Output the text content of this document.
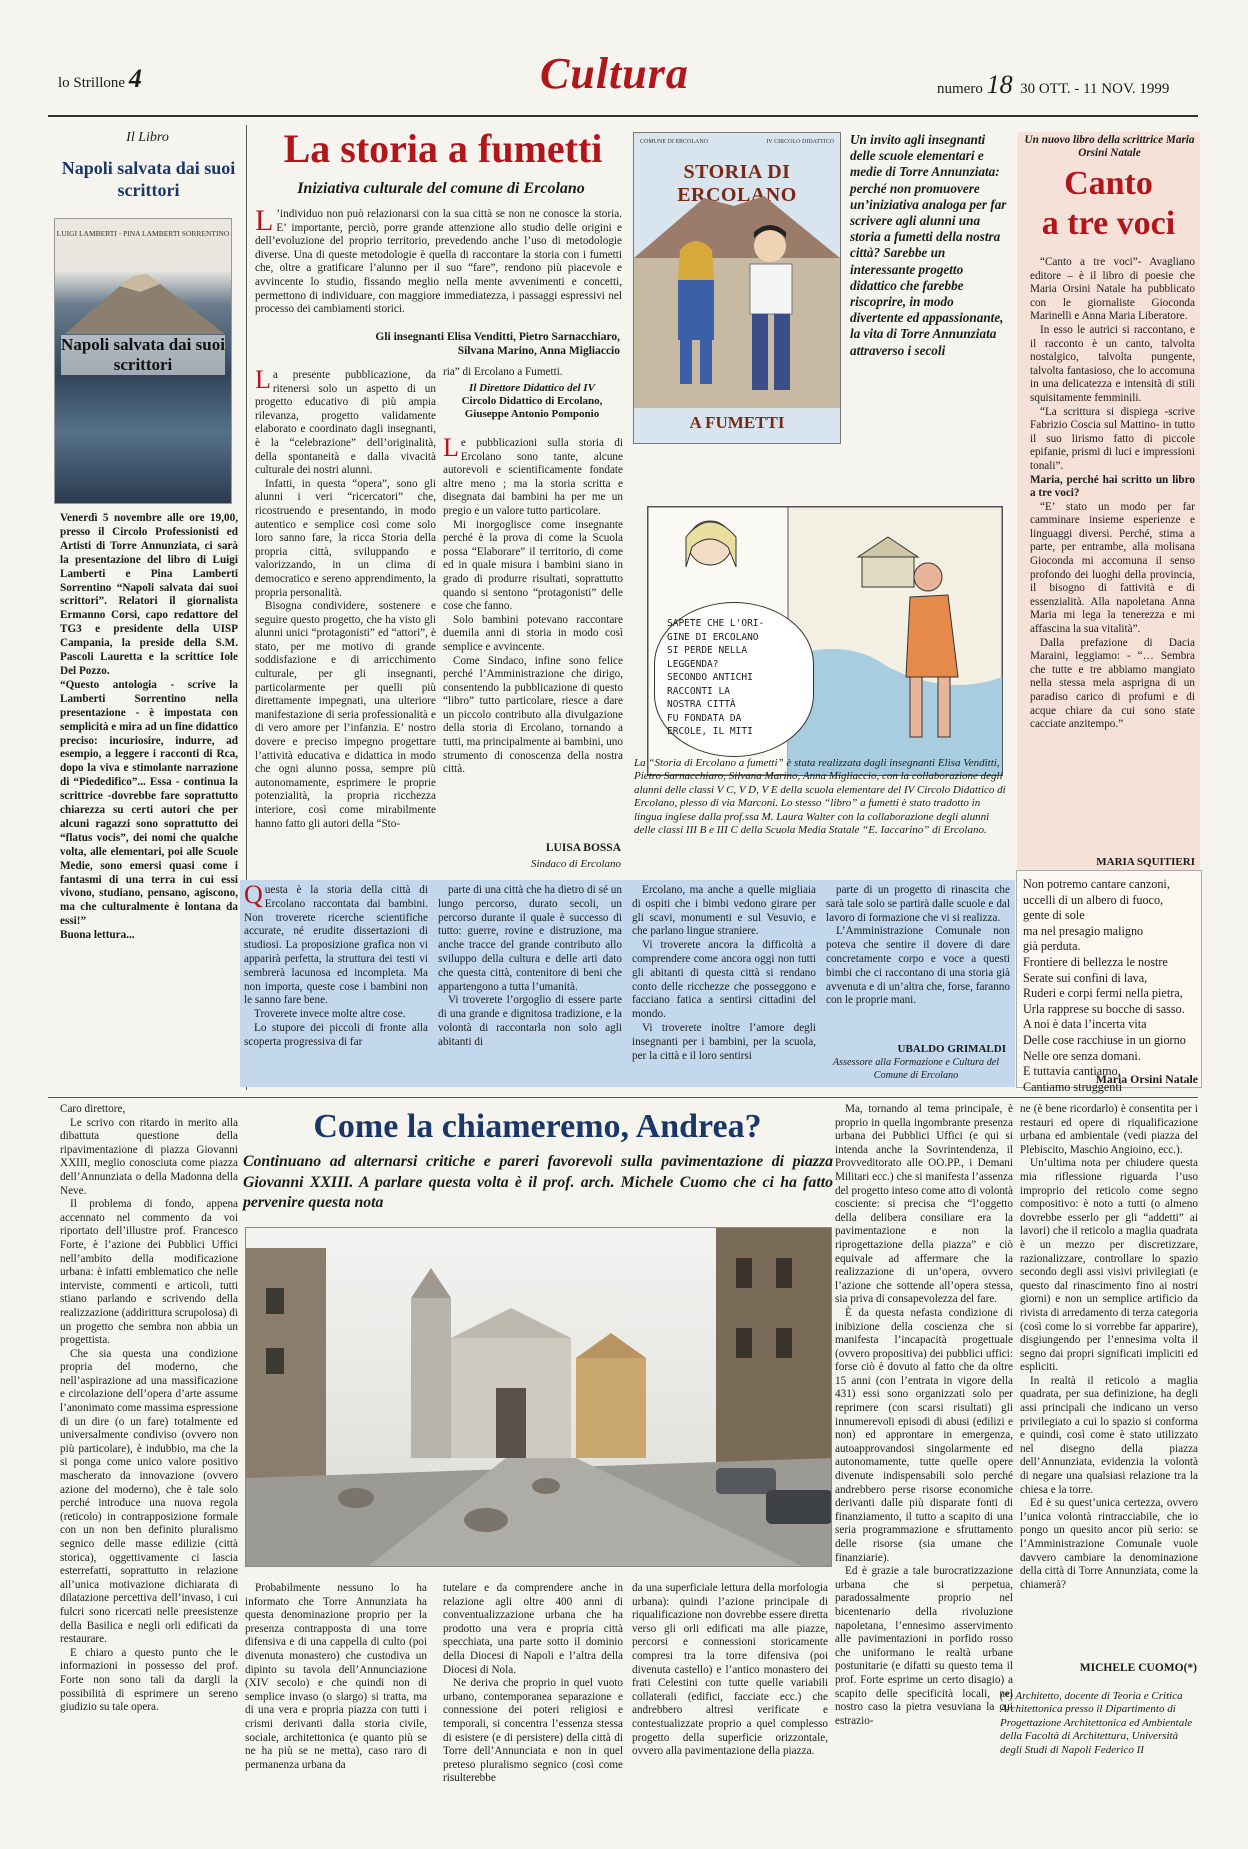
lo Strillone 4	Cultura	numero 18 30 OTT. - 11 NOV. 1999
Il Libro
Napoli salvata dai suoi scrittori
LUIGI LAMBERTI · PINA LAMBERTI SORRENTINO
Napoli salvata dai suoi scrittori

Venerdì 5 novembre alle ore 19,00, presso il Circolo Professionisti ed Artisti di Torre Annunziata, ci sarà la presentazione del libro di Luigi Lamberti e Pina Lamberti Sorrentino “Napoli salvata dai suoi scrittori”. Relatori il giornalista Ermanno Corsi, capo redattore del TG3 e presidente della UISP Campania, la preside della S.M. Pascoli Lauretta e la scrittice Iole Del Pozzo.

“Questo antologia - scrive la Lamberti Sorrentino nella presentazione - è impostata con semplicità e mira ad un fine didattico preciso: incuriosire, indurre, ad esempio, a leggere i racconti di Rca, dopo la viva e stimolante narrazione di “Piededifico”... Essa - continua la scrittrice -dovrebbe fare soprattutto chiarezza su certi autori che per alcuni ragazzi sono soprattutto dei “flatus vocis”, dei nomi che qualche volta, alle elementari, poi alle Scuole Medie, sono emersi quasi come i fantasmi di una terra in cui essi vivono, studiano, pensano, agiscono, ma che culturalmente è lontana da essi!”

Buona lettura...

La storia a fumetti
Iniziativa culturale del comune di Ercolano
L ’individuo non può relazionarsi con la sua città se non ne conosce la storia. E’ importante, perciò, porre grande attenzione allo studio delle origini e dell’evoluzione del proprio territorio, prevedendo anche l’uso di metodologie diverse. Una di queste metodologie è quella di raccontare la storia con i fumetti che, oltre a gratificare l’alunno per il suo “fare”, rendono più piacevole e avvincente lo studio, fissando meglio nella mente avvenimenti e concetti, permettono di individuare, con maggiore immediatezza, i passaggi espressivi nel processo dei cambiamenti storici.

Gli insegnanti Elisa Venditti, Pietro Sarnacchiaro,
Silvana Marino, Anna Migliaccio
L a presente pubblicazione, da ritenersi solo un aspetto di un progetto educativo di più ampia rilevanza, progetto validamente elaborato e coordinato dagli insegnanti, è la “celebrazione” dell’originalità, della spontaneità e dalla vivacità culturale dei nostri alunni.

Infatti, in questa “opera”, sono gli alunni i veri “ricercatori” che, ricostruendo e presentando, in modo autentico e semplice così come solo loro sanno fare, la ricca Storia della propria città, sviluppando e valorizzando, in un clima di democratico e sereno apprendimento, la propria personalità.

Bisogna condividere, sostenere e seguire questo progetto, che ha visto gli alunni unici “protagonisti” ed “attori”, è stato, per me motivo di grande soddisfazione e di arricchimento culturale, per gli insegnanti, particolarmente per quelli più direttamente impegnati, una ulteriore manifestazione di seria professionalità e di vero amore per l’infanzia. E’ nostro dovere e preciso impegno progettare l’attività educativa e didattica in modo che ogni alunno possa, sempre più autonomamente, esprimere le proprie potenzialità, la propria ricchezza interiore, così come mirabilmente hanno fatto gli autori della “Sto-

ria” di Ercolano a Fumetti.

Il Direttore Didattico del IV
Circolo Didattico di Ercolano,
Giuseppe Antonio Pomponio
L e pubblicazioni sulla storia di Ercolano sono tante, alcune autorevoli e scientificamente fondate altre meno ; ma la storia scritta e disegnata dai bambini ha per me un pregio e un valore tutto particolare.

Mi inorgoglisce come insegnante perché è la prova di come la Scuola possa “Elaborare” il territorio, di come ed in quale misura i bambini siano in grado di produrre risultati, soprattutto quando si sentono “protagonisti” delle cose che fanno.

Solo bambini potevano raccontare duemila anni di storia in modo così semplice e avvincente.

Come Sindaco, infine sono felice perché l’Amministrazione che dirigo, consentendo la pubblicazione di questo “libro” tutto particolare, riesce a dare un piccolo contributo alla divulgazione della storia di Ercolano, tornando a tutti, ma principalmente ai bambini, uno strumento di conoscenza della nostra città.

LUISA BOSSA
Sindaco di Ercolano
COMUNE DI ERCOLANO	IV CIRCOLO DIDATTICO
STORIA DI ERCOLANO
A FUMETTI
Un invito agli insegnanti delle scuole elementari e medie di Torre Annunziata: perché non promuovere un’iniziativa analoga per far scrivere agli alunni una storia a fumetti della nostra città? Sarebbe un interessante progetto didattico che farebbe riscoprire, in modo divertente ed appassionante, la vita di Torre Annunziata attraverso i secoli
SAPETE CHE L'ORI-
GINE DI ERCOLANO
SI PERDE NELLA
LEGGENDA?
SECONDO ANTICHI
RACCONTI LA
NOSTRA CITTÀ
FU FONDATA DA
ERCOLE, IL MITI
La “Storia di Ercolano a fumetti” è stata realizzata dagli insegnanti Elisa Venditti, Pietro Sarnacchiaro, Silvana Marino, Anna Migliaccio, con la collaborazione degli alunni delle classi V C, V D, V E della scuola elementare del IV Circolo Didattico di Ercolano, plesso di via Marconi. Lo stesso “libro” a fumetti è stato tradotto in lingua inglese dalla prof.ssa M. Laura Walter con la collaborazione degli alunni delle classi III B e III C della Scuola Media Statale “E. Iaccarino” di Ercolano.
Un nuovo libro della scrittrice Maria Orsini Natale
Canto
a tre voci

“Canto a tre voci”- Avagliano editore – è il libro di poesie che Maria Orsini Natale ha pubblicato con le giornaliste Gioconda Marinelli e Anna Maria Liberatore.

In esso le autrici si raccontano, e il racconto è un canto, talvolta nostalgico, talvolta pungente, talvolta fantasioso, che lo accomuna in una delicatezza e intensità di stili squisitamente femminili.

“La scrittura si dispiega -scrive Fabrizio Coscia sul Mattino- in tutto il suo lirismo fatto di piccole epifanie, prismi di luci e impressioni tonali”.

Maria, perché hai scritto un libro a tre voci?

“E’ stato un modo per far camminare insieme esperienze e linguaggi diversi. Perché, stima a parte, per entrambe, alla molisana Gioconda mi accomuna il senso profondo dei luoghi della provincia, il bisogno di fattività e di essenzialità. Alla napoletana Anna Maria mi lega la tenerezza e mi affascina la sua vitalità”.

Dalla prefazione di Dacia Maraini, leggiamo: - “… Sembra che tutte e tre abbiamo mangiato nella stessa mela asprigna di un paradiso carico di profumi e di acque chiare da cui sono state cacciate anzitempo.”

MARIA SQUITIERI
Non potremo cantare canzoni,
uccelli di un albero di fuoco,
gente di sole
ma nel presagio maligno
già perduta.
Frontiere di bellezza le nostre
Serate sui confini di lava,
Ruderi e corpi fermi nella pietra,
Urla rapprese su bocche di sasso.
A noi è data l’incerta vita
Delle cose racchiuse in un giorno
Nelle ore senza domani.
E tuttavia cantiamo,
Cantiamo struggenti
Maria Orsini Natale
Q uesta è la storia della città di Ercolano raccontata dai bambini. Non troverete ricerche scientifiche accurate, né erudite dissertazioni di studiosi. La proposizione grafica non vi apparirà perfetta, la struttura dei testi vi sembrerà lacunosa ed incompleta. Ma non importa, queste cose i bambini non le sanno fare bene.

Troverete invece molte altre cose.

Lo stupore dei piccoli di fronte alla scoperta progressiva di far

parte di una città che ha dietro di sé un lungo percorso, durato secoli, un percorso durante il quale è successo di tutto: guerre, rovine e distruzione, ma anche tracce del grande contributo allo sviluppo della cultura e delle arti dato che questa città, contenitore di beni che appartengono a tutta l’umanità.

Vi troverete l’orgoglio di essere parte di una grande e dignitosa tradizione, e la volontà di raccontarla non solo agli abitanti di

Ercolano, ma anche a quelle migliaia di ospiti che i bimbi vedono girare per gli scavi, monumenti e sul Vesuvio, e che parlano lingue straniere.

Vi troverete ancora la difficoltà a comprendere come ancora oggi non tutti gli abitanti di questa città si rendano conto delle ricchezze che posseggono e facciano fatica a sentirsi cittadini del mondo.

Vi troverete inoltre l’amore degli insegnanti per i bambini, per la scuola, per la città e il loro sentirsi

parte di un progetto di rinascita che sarà tale solo se partirà dalle scuole e dal lavoro di formazione che vi si realizza.

L’Amministrazione Comunale non poteva che sentire il dovere di dare concretamente corpo e voce a questi bimbi che ci raccontano di una storia già avvenuta e di un’altra che, forse, faranno con le proprie mani.

UBALDO GRIMALDI
Assessore alla Formazione e Cultura del Comune di Ercolano

Caro direttore,

Le scrivo con ritardo in merito alla dibattuta questione della ripavimentazione di piazza Giovanni XXIII, meglio conosciuta come piazza dell’Annunziata o della Madonna della Neve.

Il problema di fondo, appena accennato nel commento da voi riportato dell’illustre prof. Francesco Forte, è l’azione dei Pubblici Uffici nell’ambito della modificazione urbana: è infatti emblematico che nelle interviste, commenti e articoli, tutti stiano parlando e scrivendo della realizzazione (addirittura scrupolosa) di un progetto che sembra non abbia un progettista.

Che sia questa una condizione propria del moderno, che nell’aspirazione ad una massificazione e circolazione dell’opera d’arte assume l’anonimato come massima espressione di un dire (o un fare) totalmente ed universalmente condiviso (ovvero non più particolare), è indubbio, ma che la si ponga come unico valore positivo mascherato da innovazione (ovvero azione del moderno), che è tale solo perché introduce una nuova regola (reticolo) in contrapposizione formale con un non ben definito pluralismo segnico delle masse edilizie (città storica), oggettivamente ci lascia esterrefatti, soprattutto in relazione all’unica motivazione dichiarata di dilatazione percettiva dell’invaso, i cui fulcri sono ricercati nelle preesistenze della Basilica e negli orli edificati da restaurare.

E chiaro a questo punto che le informazioni in possesso del prof. Forte non sono tali da dargli la possibilità di esprimere un sereno giudizio su tale opera.

Come la chiameremo, Andrea?
Continuano ad alternarsi critiche e pareri favorevoli sulla pavimentazione di piazza Giovanni XXIII. A parlare questa volta è il prof. arch. Michele Cuomo che ci ha fatto pervenire questa nota

Probabilmente nessuno lo ha informato che Torre Annunziata ha questa denominazione proprio per la presenza contrapposta di una torre difensiva e di una cappella di culto (poi divenuta monastero) che custodiva un dipinto su tavola dell’Annunciazione (XIV secolo) e che quindi non di semplice invaso (o slargo) si tratta, ma di una vera e propria piazza con tutti i crismi derivanti dalla storia civile, sociale, architettonica (e quanto più se ne ha più se ne metta), caso raro di permanenza urbana da

tutelare e da comprendere anche in relazione agli oltre 400 anni di conventualizzazione urbana che ha prodotto una vera e propria città specchiata, una parte sotto il dominio della Diocesi di Napoli e l’altra della Diocesi di Nola.

Ne deriva che proprio in quel vuoto urbano, contemporanea separazione e connessione dei poteri religiosi e temporali, si concentra l’essenza stessa di esistere (e di persistere) della città di Torre dell’Annunciata e non in quel preteso pluralismo segnico (così come risulterebbe

da una superficiale lettura della morfologia urbana): quindi l’azione principale di riqualificazione non dovrebbe essere diretta verso gli orli edificati ma alle piazze, percorsi e connessioni storicamente compresi tra la torre difensiva (poi divenuta castello) e l’antico monastero dei frati Celestini con tutte quelle variabili collaterali (edifici, facciate ecc.) che andrebbero altresì verificate e contestualizzate proprio a quel complesso progetto della superficie orizzontale, ovvero alla pavimentazione della piazza.

Ma, tornando al tema principale, è proprio in quella ingombrante presenza urbana dei Pubblici Uffici (e qui si intenda anche la Sovrintendenza, il Provveditorato alle OO.PP., i Demani Militari ecc.) che si manifesta l’assenza del progetto inteso come atto di volontà cosciente: si precisa che “l’oggetto della delibera consiliare era la pavimentazione e non la riprogettazione della piazza” e ciò equivale ad affermare che la realizzazione di un’opera, ovvero l’azione che sottende all’opera stessa, sia priva di consapevolezza del fare.

È da questa nefasta condizione di inibizione della coscienza che si manifesta l’incapacità progettuale (ovvero propositiva) dei pubblici uffici: forse ciò è dovuto al fatto che da oltre 15 anni (con l’entrata in vigore della 431) essi sono organizzati solo per reprimere (con scarsi risultati) gli innumerevoli episodi di abusi (edilizi e non) ed approntare in emergenza, autoapprovandosi singolarmente ed autonomamente, tutte quelle opere divenute indispensabili solo perché andrebbero perse risorse economiche derivanti dalle più disparate fonti di finanziamento, il tutto a scapito di una seria programmazione e sfruttamento delle risorse (sia umane che finanziarie).

Ed è grazie a tale burocratizzazione urbana che si perpetua, paradossalmente proprio nel bicentenario della rivoluzione napoletana, l’ennesimo asservimento alle pavimentazioni in porfido rosso che uniformano le realtà urbane postunitarie (e difatti su questo tema il prof. Forte esprime un certo disagio) a scapito delle specificità locali, nel nostro caso la pietra vesuviana la cui estrazio-

ne (è bene ricordarlo) è consentita per i restauri ed opere di riqualificazione urbana ed ambientale (vedi piazza del Plebiscito, Maschio Angioino, ecc.).

Un’ultima nota per chiudere questa mia riflessione riguarda l’uso improprio del reticolo come segno compositivo: è noto a tutti (o almeno dovrebbe esserlo per gli “addetti” ai lavori) che il reticolo a maglia quadrata è un mezzo per discretizzare, razionalizzare, controllare lo spazio secondo degli assi visivi privilegiati (e questo dal rinascimento fino ai nostri giorni) e non un semplice artificio da rivista di arredamento di terza categoria (così come lo si vorrebbe far apparire), disgiungendo per l’ennesima volta il segno dai propri significati impliciti ed espliciti.

In realtà il reticolo a maglia quadrata, per sua definizione, ha degli assi principali che indicano un verso privilegiato a cui lo spazio si conforma e quindi, così come è stato utilizzato nel disegno della piazza dell’Annunziata, evidenzia la volontà di negare una qualsiasi relazione tra la chiesa e la torre.

Ed è su quest’unica certezza, ovvero l’unica volontà rintracciabile, che io pongo un quesito ancor più serio: se l’Amministrazione Comunale vuole davvero cambiare la denominazione della città di Torre Annunziata, come la chiamerà?

MICHELE CUOMO(*)
(*) Architetto, docente di Teoria e Critica Architettonica presso il Dipartimento di Progettazione Architettonica ed Ambientale della Facoltà di Architettura, Università degli Studi di Napoli Federico II
